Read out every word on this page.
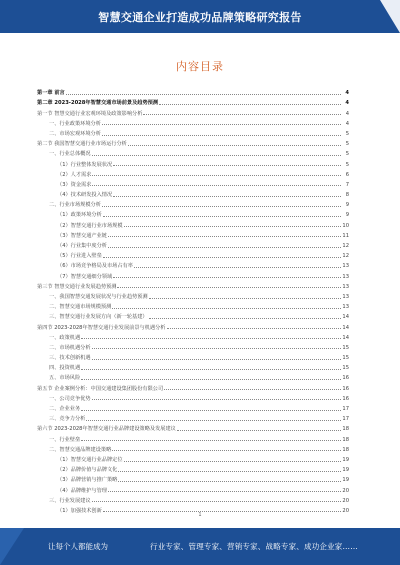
智慧交通企业打造成功品牌策略研究报告
内容目录
第一章 前言	4
第二章 2023-2028年智慧交通市场前景及趋势预测	4
第一节 智慧交通行业宏观环境及政策影响分析	4
一、行业政策环境分析	4
二、市场宏观环境分析	5
第二节 我国智慧交通行业市场运行分析	5
一、行业总体概况	5
（1）行业整体发展状况	5
（2）人才需求	6
（3）资金需求	7
（4）技术研发投入情况	8
二、行业市场规模分析	9
（1）政策环境分析	9
（2）智慧交通行业市场规模	10
（3）智慧交通产业链	11
（4）行业集中度分析	12
（5）行业进入壁垒	12
（6）市场竞争格局及市场占有率	13
（7）智慧交通细分领域	13
第三节 智慧交通行业发展趋势预测	13
一、我国智慧交通发展状况与行业趋势预测	13
二、智慧交通市场规模预测	13
三、智慧交通行业发展方向（新一轮基建）	14
第四节 2023-2028年智慧交通行业发展前景与机遇分析	14
一、政策机遇	14
二、市场机遇分析	15
三、技术创新机遇	15
四、投资机遇	15
五、市场风险	16
第五节 企业案例分析：中国交通建设集团股份有限公司	16
一、公司竞争优势	16
二、企业业务	17
三、竞争力分析	17
第六节 2023-2028年智慧交通行业品牌建设策略及发展建议	18
一、行业壁垒	18
二、智慧交通品牌建设策略	18
（1）智慧交通行业品牌定位	19
（2）品牌价值与品牌文化	19
（3）品牌营销与推广策略	19
（4）品牌维护与管理	20
三、行业发展建议	20
（1）加强技术创新	20
1
让每个人都能成为	行业专家、管理专家、营销专家、战略专家、成功企业家……
